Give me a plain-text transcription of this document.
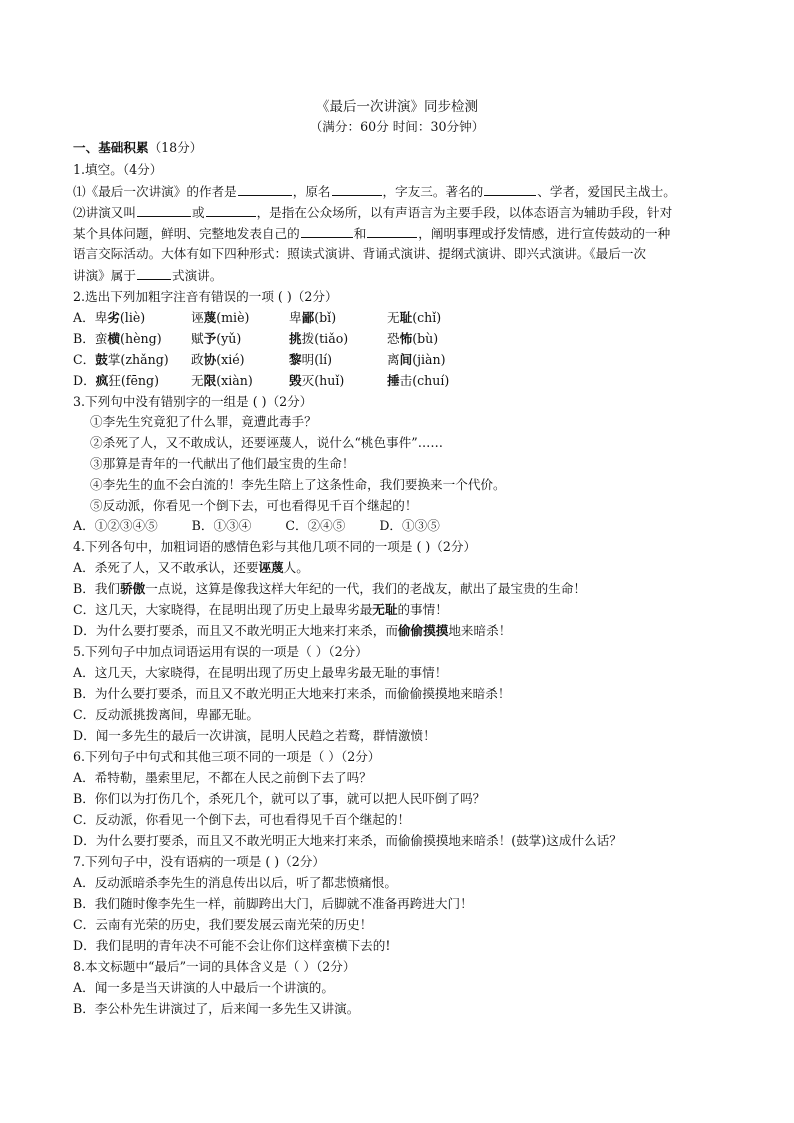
《最后一次讲演》同步检测
（满分：60分 时间：30分钟）
一、基础积累（18分）
1.填空。（4分）
⑴《最后一次讲演》的作者是	，原名	，字友三。著名的	、学者，爱国民主战士。
⑵讲演又叫	或	，是指在公众场所，以有声语言为主要手段，以体态语言为辅助手段，针对
某个具体问题，鲜明、完整地发表自己的	和	，阐明事理或抒发情感，进行宣传鼓动的一种
语言交际活动。大体有如下四种形式：照读式演讲、背诵式演讲、提纲式演讲、即兴式演讲。《最后一次
讲演》属于	式演讲。
2.选出下列加粗字注音有错误的一项 ( )（2分）
A．卑劣(liè)	诬蔑(miè)	卑鄙(bǐ)	无耻(chǐ)
B．蛮横(hèng) 赋予(yǔ)	挑拨(tiǎo)	恐怖(bù)
C．鼓掌(zhǎng) 政协(xié)	黎明(lí)	离间(jiàn)
D．疯狂(fēng)	无限(xiàn)	毁灭(huǐ)	捶击(chuí)
3.下列句中没有错别字的一组是 ( )（2分）
①李先生究竟犯了什么罪，竟遭此毒手？
②杀死了人，又不敢成认，还要诬蔑人，说什么“桃色事件”……
③那算是青年的一代献出了他们最宝贵的生命！
④李先生的血不会白流的！李先生陪上了这条性命，我们要换来一个代价。
⑤反动派，你看见一个倒下去，可也看得见千百个继起的！
A．①②③④⑤	B．①③④	C．②④⑤	D．①③⑤
4.下列各句中，加粗词语的感情色彩与其他几项不同的一项是 ( )（2分）
A．杀死了人，又不敢承认，还要诬蔑人。
B．我们骄傲一点说，这算是像我这样大年纪的一代，我们的老战友，献出了最宝贵的生命！
C．这几天，大家晓得，在昆明出现了历史上最卑劣最无耻的事情！
D．为什么要打要杀，而且又不敢光明正大地来打来杀，而偷偷摸摸地来暗杀！
5.下列句子中加点词语运用有误的一项是（ ）（2分）
A．这几天，大家晓得，在昆明出现了历史上最卑劣最无耻的事情！
B．为什么要打要杀，而且又不敢光明正大地来打来杀，而偷偷摸摸地来暗杀！
C．反动派挑拨离间，卑鄙无耻。
D．闻一多先生的最后一次讲演，昆明人民趋之若鹜，群情激愤！
6.下列句子中句式和其他三项不同的一项是（ ）（2分）
A．希特勒，墨索里尼，不都在人民之前倒下去了吗？
B．你们以为打伤几个，杀死几个，就可以了事，就可以把人民吓倒了吗？
C．反动派，你看见一个倒下去，可也看得见千百个继起的！
D．为什么要打要杀，而且又不敢光明正大地来打来杀，而偷偷摸摸地来暗杀！(鼓掌)这成什么话？
7.下列句子中，没有语病的一项是 ( )（2分）
A．反动派暗杀李先生的消息传出以后，听了都悲愤痛恨。
B．我们随时像李先生一样，前脚跨出大门，后脚就不准备再跨进大门！
C．云南有光荣的历史，我们要发展云南光荣的历史！
D．我们昆明的青年决不可能不会让你们这样蛮横下去的!
8.本文标题中“最后”一词的具体含义是（ ）（2分）
A．闻一多是当天讲演的人中最后一个讲演的。
B．李公朴先生讲演过了，后来闻一多先生又讲演。
